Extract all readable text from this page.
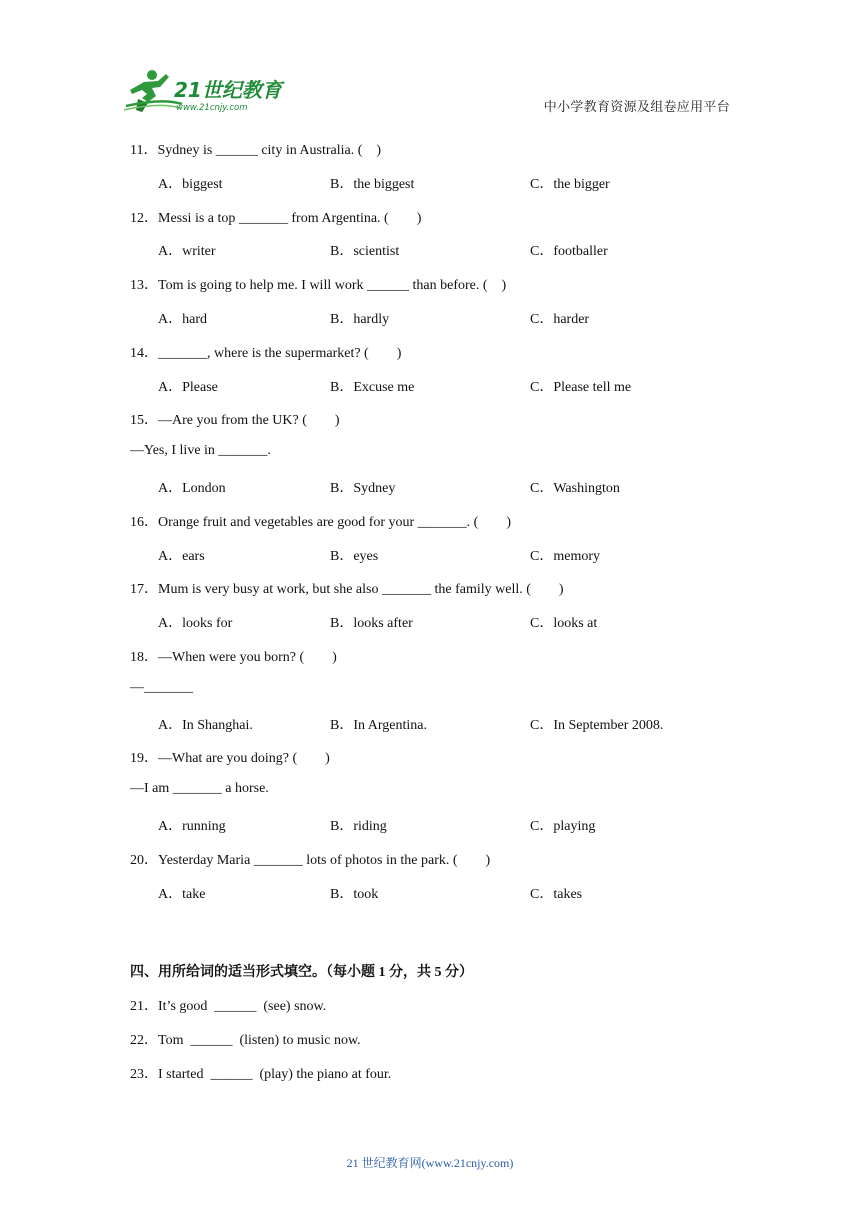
21世纪教育
www.21cnjy.com	中小学教育资源及组卷应用平台
11．Sydney is ______ city in Australia. (    )
A．biggest	B．the biggest	C．the bigger
12．Messi is a top _______ from Argentina. (        )
A．writer	B．scientist	C．footballer
13．Tom is going to help me. I will work ______ than before. (    )
A．hard	B．hardly	C．harder
14．_______, where is the supermarket? (        )
A．Please	B．Excuse me	C．Please tell me
15．—Are you from the UK? (        )
—Yes, I live in _______.
A．London	B．Sydney	C．Washington
16．Orange fruit and vegetables are good for your _______. (        )
A．ears	B．eyes	C．memory
17．Mum is very busy at work, but she also _______ the family well. (        )
A．looks for	B．looks after	C．looks at
18．—When were you born? (        )
—_______
A．In Shanghai.	B．In Argentina.	C．In September 2008.
19．—What are you doing? (        )
—I am _______ a horse.
A．running	B．riding	C．playing
20．Yesterday Maria _______ lots of photos in the park. (        )
A．take	B．took	C．takes
四、用所给词的适当形式填空。（每小题 1 分，共 5 分）
21．It’s good  ______  (see) snow.
22．Tom  ______  (listen) to music now.
23．I started  ______  (play) the piano at four.
21 世纪教育网(www.21cnjy.com)
